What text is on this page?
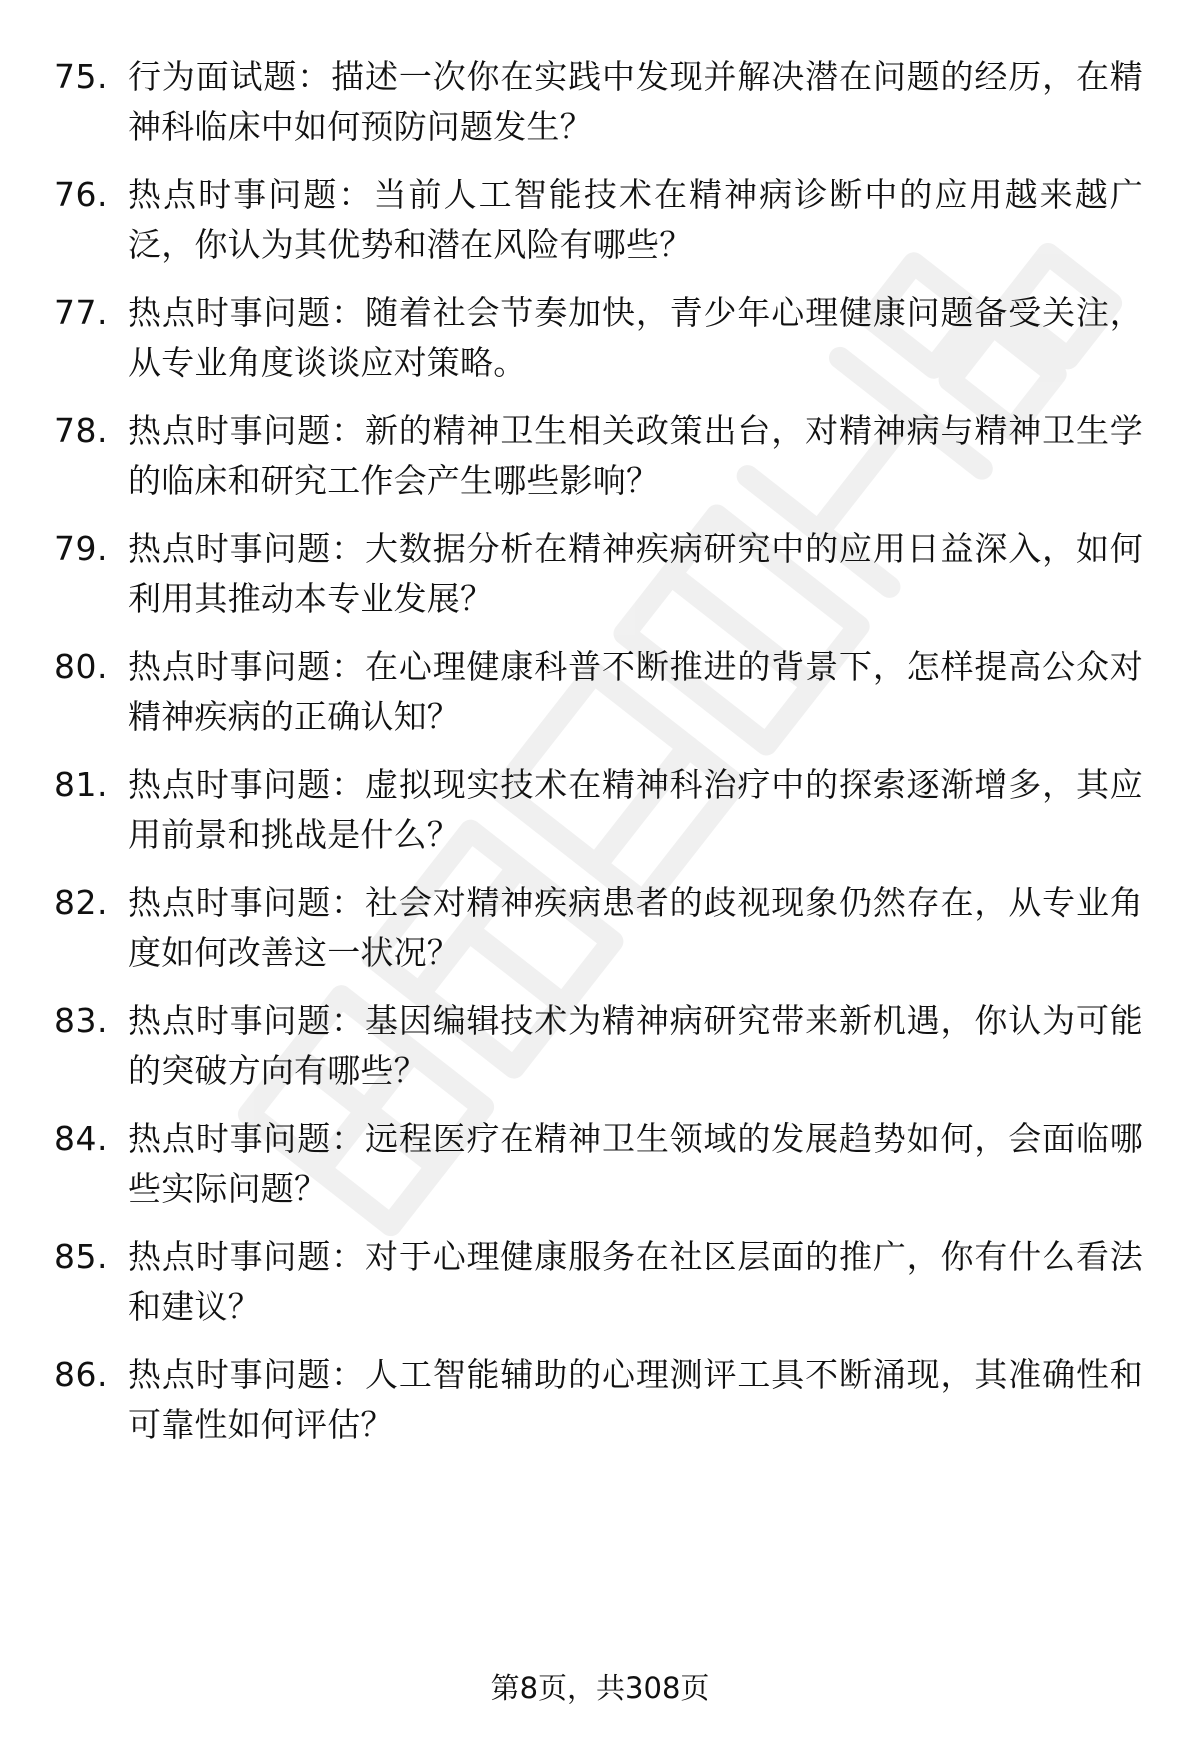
75. 行为面试题：描述一次你在实践中发现并解决潜在问题的经历，在精神科临床中如何预防问题发生？
76. 热点时事问题：当前人工智能技术在精神病诊断中的应用越来越广泛，你认为其优势和潜在风险有哪些？
77. 热点时事问题：随着社会节奏加快，青少年心理健康问题备受关注，从专业角度谈谈应对策略。
78. 热点时事问题：新的精神卫生相关政策出台，对精神病与精神卫生学的临床和研究工作会产生哪些影响？
79. 热点时事问题：大数据分析在精神疾病研究中的应用日益深入，如何利用其推动本专业发展？
80. 热点时事问题：在心理健康科普不断推进的背景下，怎样提高公众对精神疾病的正确认知？
81. 热点时事问题：虚拟现实技术在精神科治疗中的探索逐渐增多，其应用前景和挑战是什么？
82. 热点时事问题：社会对精神疾病患者的歧视现象仍然存在，从专业角度如何改善这一状况？
83. 热点时事问题：基因编辑技术为精神病研究带来新机遇，你认为可能的突破方向有哪些？
84. 热点时事问题：远程医疗在精神卫生领域的发展趋势如何，会面临哪些实际问题？
85. 热点时事问题：对于心理健康服务在社区层面的推广，你有什么看法和建议？
86. 热点时事问题：人工智能辅助的心理测评工具不断涌现，其准确性和可靠性如何评估？
第8页，共308页
